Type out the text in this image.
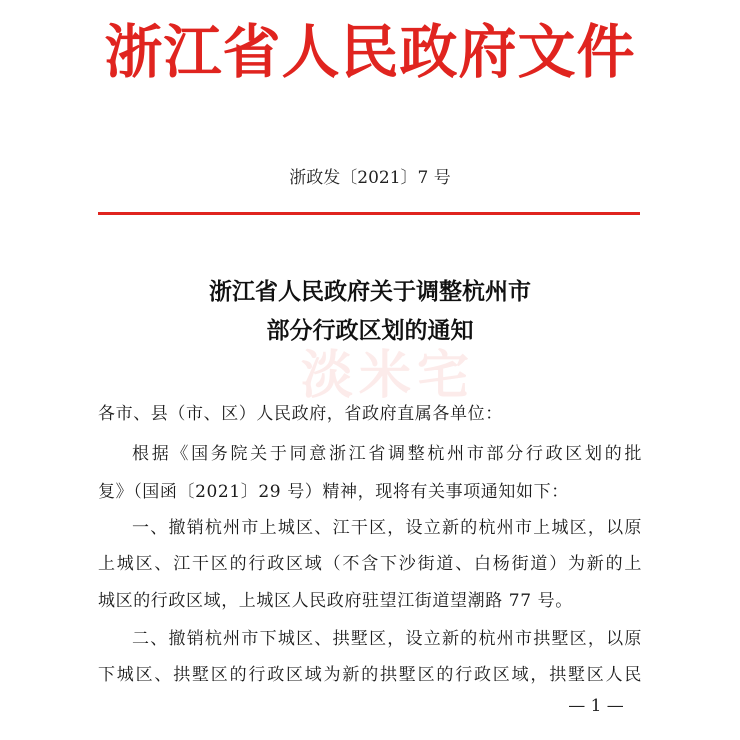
浙江省人民政府文件
浙政发〔2021〕7 号
浙江省人民政府关于调整杭州市
部分行政区划的通知
淡米宅
各市、县（市、区）人民政府，省政府直属各单位：
根据《国务院关于同意浙江省调整杭州市部分行政区划的批
复》（国函〔2021〕29 号）精神，现将有关事项通知如下：
一、撤销杭州市上城区、江干区，设立新的杭州市上城区，以原
上城区、江干区的行政区域（不含下沙街道、白杨街道）为新的上
城区的行政区域，上城区人民政府驻望江街道望潮路 77 号。
二、撤销杭州市下城区、拱墅区，设立新的杭州市拱墅区，以原
下城区、拱墅区的行政区域为新的拱墅区的行政区域，拱墅区人民
— 1 —
